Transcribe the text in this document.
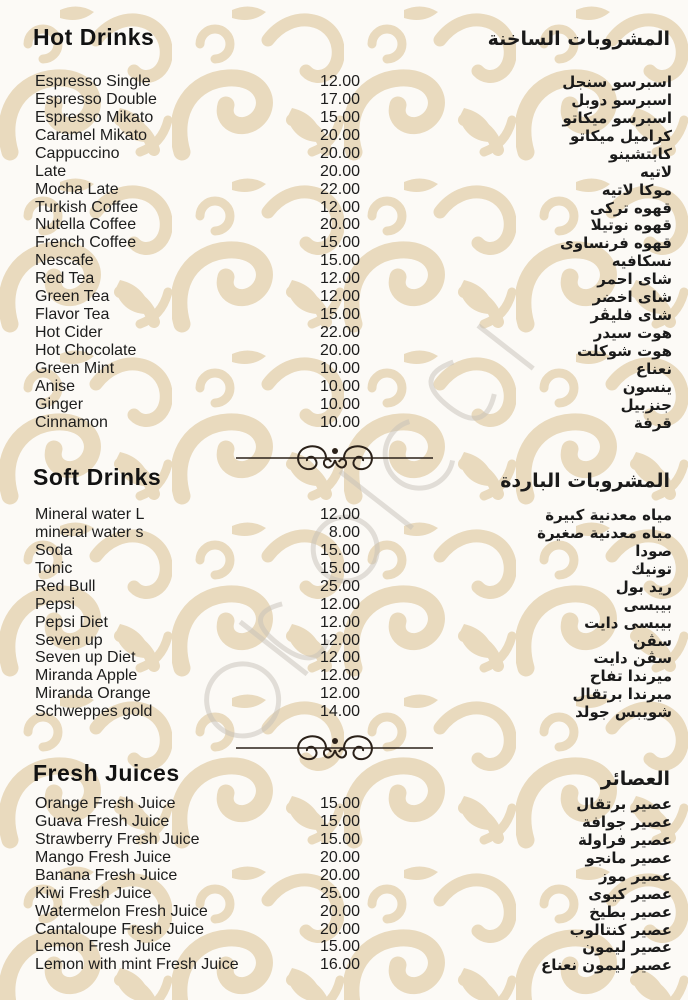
Hot Drinks	المشروبات الساخنة
Espresso Single	12.00	اسبرسو سنجل
Espresso Double	17.00	اسبرسو دوبل
Espresso Mikato	15.00	اسبرسو ميكاتو
Caramel Mikato	20.00	كراميل ميكاتو
Cappuccino	20.00	كابتشينو
Late	20.00	لاتيه
Mocha Late	22.00	موكا لاتيه
Turkish Coffee	12.00	قهوه تركى
Nutella Coffee	20.00	قهوه نوتيلا
French Coffee	15.00	قهوه فرنساوى
Nescafe	15.00	نسكافيه
Red Tea	12.00	شاى احمر
Green Tea	12.00	شاى اخضر
Flavor Tea	15.00	شاى فليڤر
Hot Cider	22.00	هوت سيدر
Hot Chocolate	20.00	هوت شوكلت
Green Mint	10.00	نعناع
Anise	10.00	ينسون
Ginger	10.00	جنزبيل
Cinnamon	10.00	قرفة
Soft Drinks	المشروبات الباردة
Mineral water L	12.00	مياه معدنية كبيرة
mineral water s	8.00	مياه معدنية صغيرة
Soda	15.00	صودا
Tonic	15.00	تونيك
Red Bull	25.00	ريد بول
Pepsi	12.00	بيبسى
Pepsi Diet	12.00	بيبسى دايت
Seven up	12.00	سڤن
Seven up Diet	12.00	سڤن دايت
Miranda Apple	12.00	ميرندا تفاح
Miranda Orange	12.00	ميرندا برتقال
Schweppes gold	14.00	شويبس جولد
Fresh Juices	العصائر
Orange Fresh Juice	15.00	عصير برتقال
Guava Fresh Juice	15.00	عصير جوافة
Strawberry Fresh Juice	15.00	عصير فراولة
Mango Fresh Juice	20.00	عصير مانجو
Banana Fresh Juice	20.00	عصير موز
Kiwi Fresh Juice	25.00	عصير كيوى
Watermelon Fresh Juice	20.00	عصير بطيخ
Cantaloupe Fresh Juice	20.00	عصير كنتالوب
Lemon Fresh Juice	15.00	عصير ليمون
Lemon with mint Fresh Juice	16.00	عصير ليمون نعناع
